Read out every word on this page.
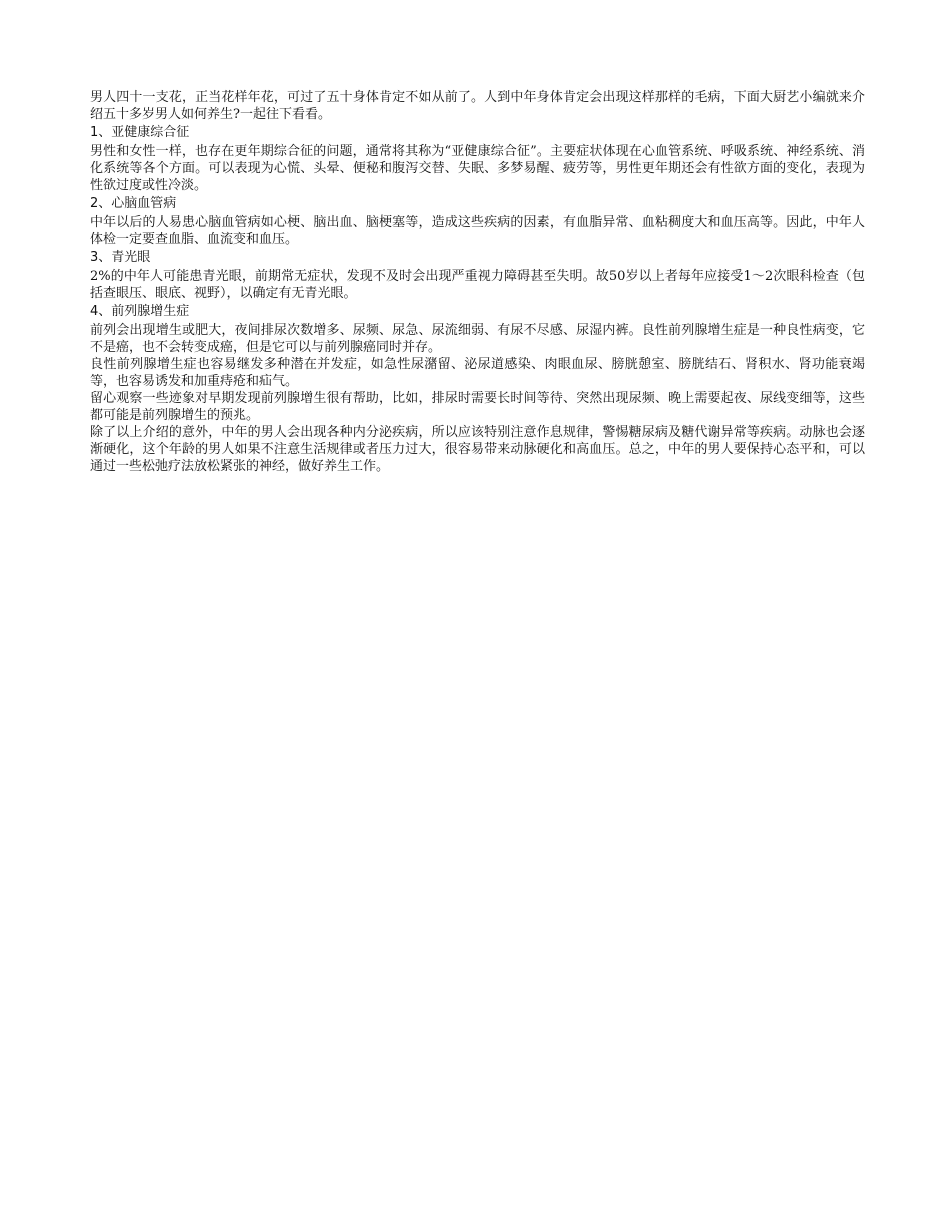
男人四十一支花，正当花样年花，可过了五十身体肯定不如从前了。人到中年身体肯定会出现这样那样的毛病，下面大厨艺小编就来介绍五十多岁男人如何养生?一起往下看看。

1、亚健康综合征

男性和女性一样，也存在更年期综合征的问题，通常将其称为“亚健康综合征”。主要症状体现在心血管系统、呼吸系统、神经系统、消化系统等各个方面。可以表现为心慌、头晕、便秘和腹泻交替、失眠、多梦易醒、疲劳等，男性更年期还会有性欲方面的变化，表现为性欲过度或性冷淡。

2、心脑血管病

中年以后的人易患心脑血管病如心梗、脑出血、脑梗塞等，造成这些疾病的因素，有血脂异常、血粘稠度大和血压高等。因此，中年人体检一定要查血脂、血流变和血压。

3、青光眼

2%的中年人可能患青光眼，前期常无症状，发现不及时会出现严重视力障碍甚至失明。故50岁以上者每年应接受1～2次眼科检查（包括查眼压、眼底、视野），以确定有无青光眼。

4、前列腺增生症

前列会出现增生或肥大，夜间排尿次数增多、尿频、尿急、尿流细弱、有尿不尽感、尿湿内裤。良性前列腺增生症是一种良性病变，它不是癌，也不会转变成癌，但是它可以与前列腺癌同时并存。

良性前列腺增生症也容易继发多种潜在并发症，如急性尿潴留、泌尿道感染、肉眼血尿、膀胱憩室、膀胱结石、肾积水、肾功能衰竭等，也容易诱发和加重痔疮和疝气。

留心观察一些迹象对早期发现前列腺增生很有帮助，比如，排尿时需要长时间等待、突然出现尿频、晚上需要起夜、尿线变细等，这些都可能是前列腺增生的预兆。

除了以上介绍的意外，中年的男人会出现各种内分泌疾病，所以应该特别注意作息规律，警惕糖尿病及糖代谢异常等疾病。动脉也会逐渐硬化，这个年龄的男人如果不注意生活规律或者压力过大，很容易带来动脉硬化和高血压。总之，中年的男人要保持心态平和，可以通过一些松弛疗法放松紧张的神经，做好养生工作。
